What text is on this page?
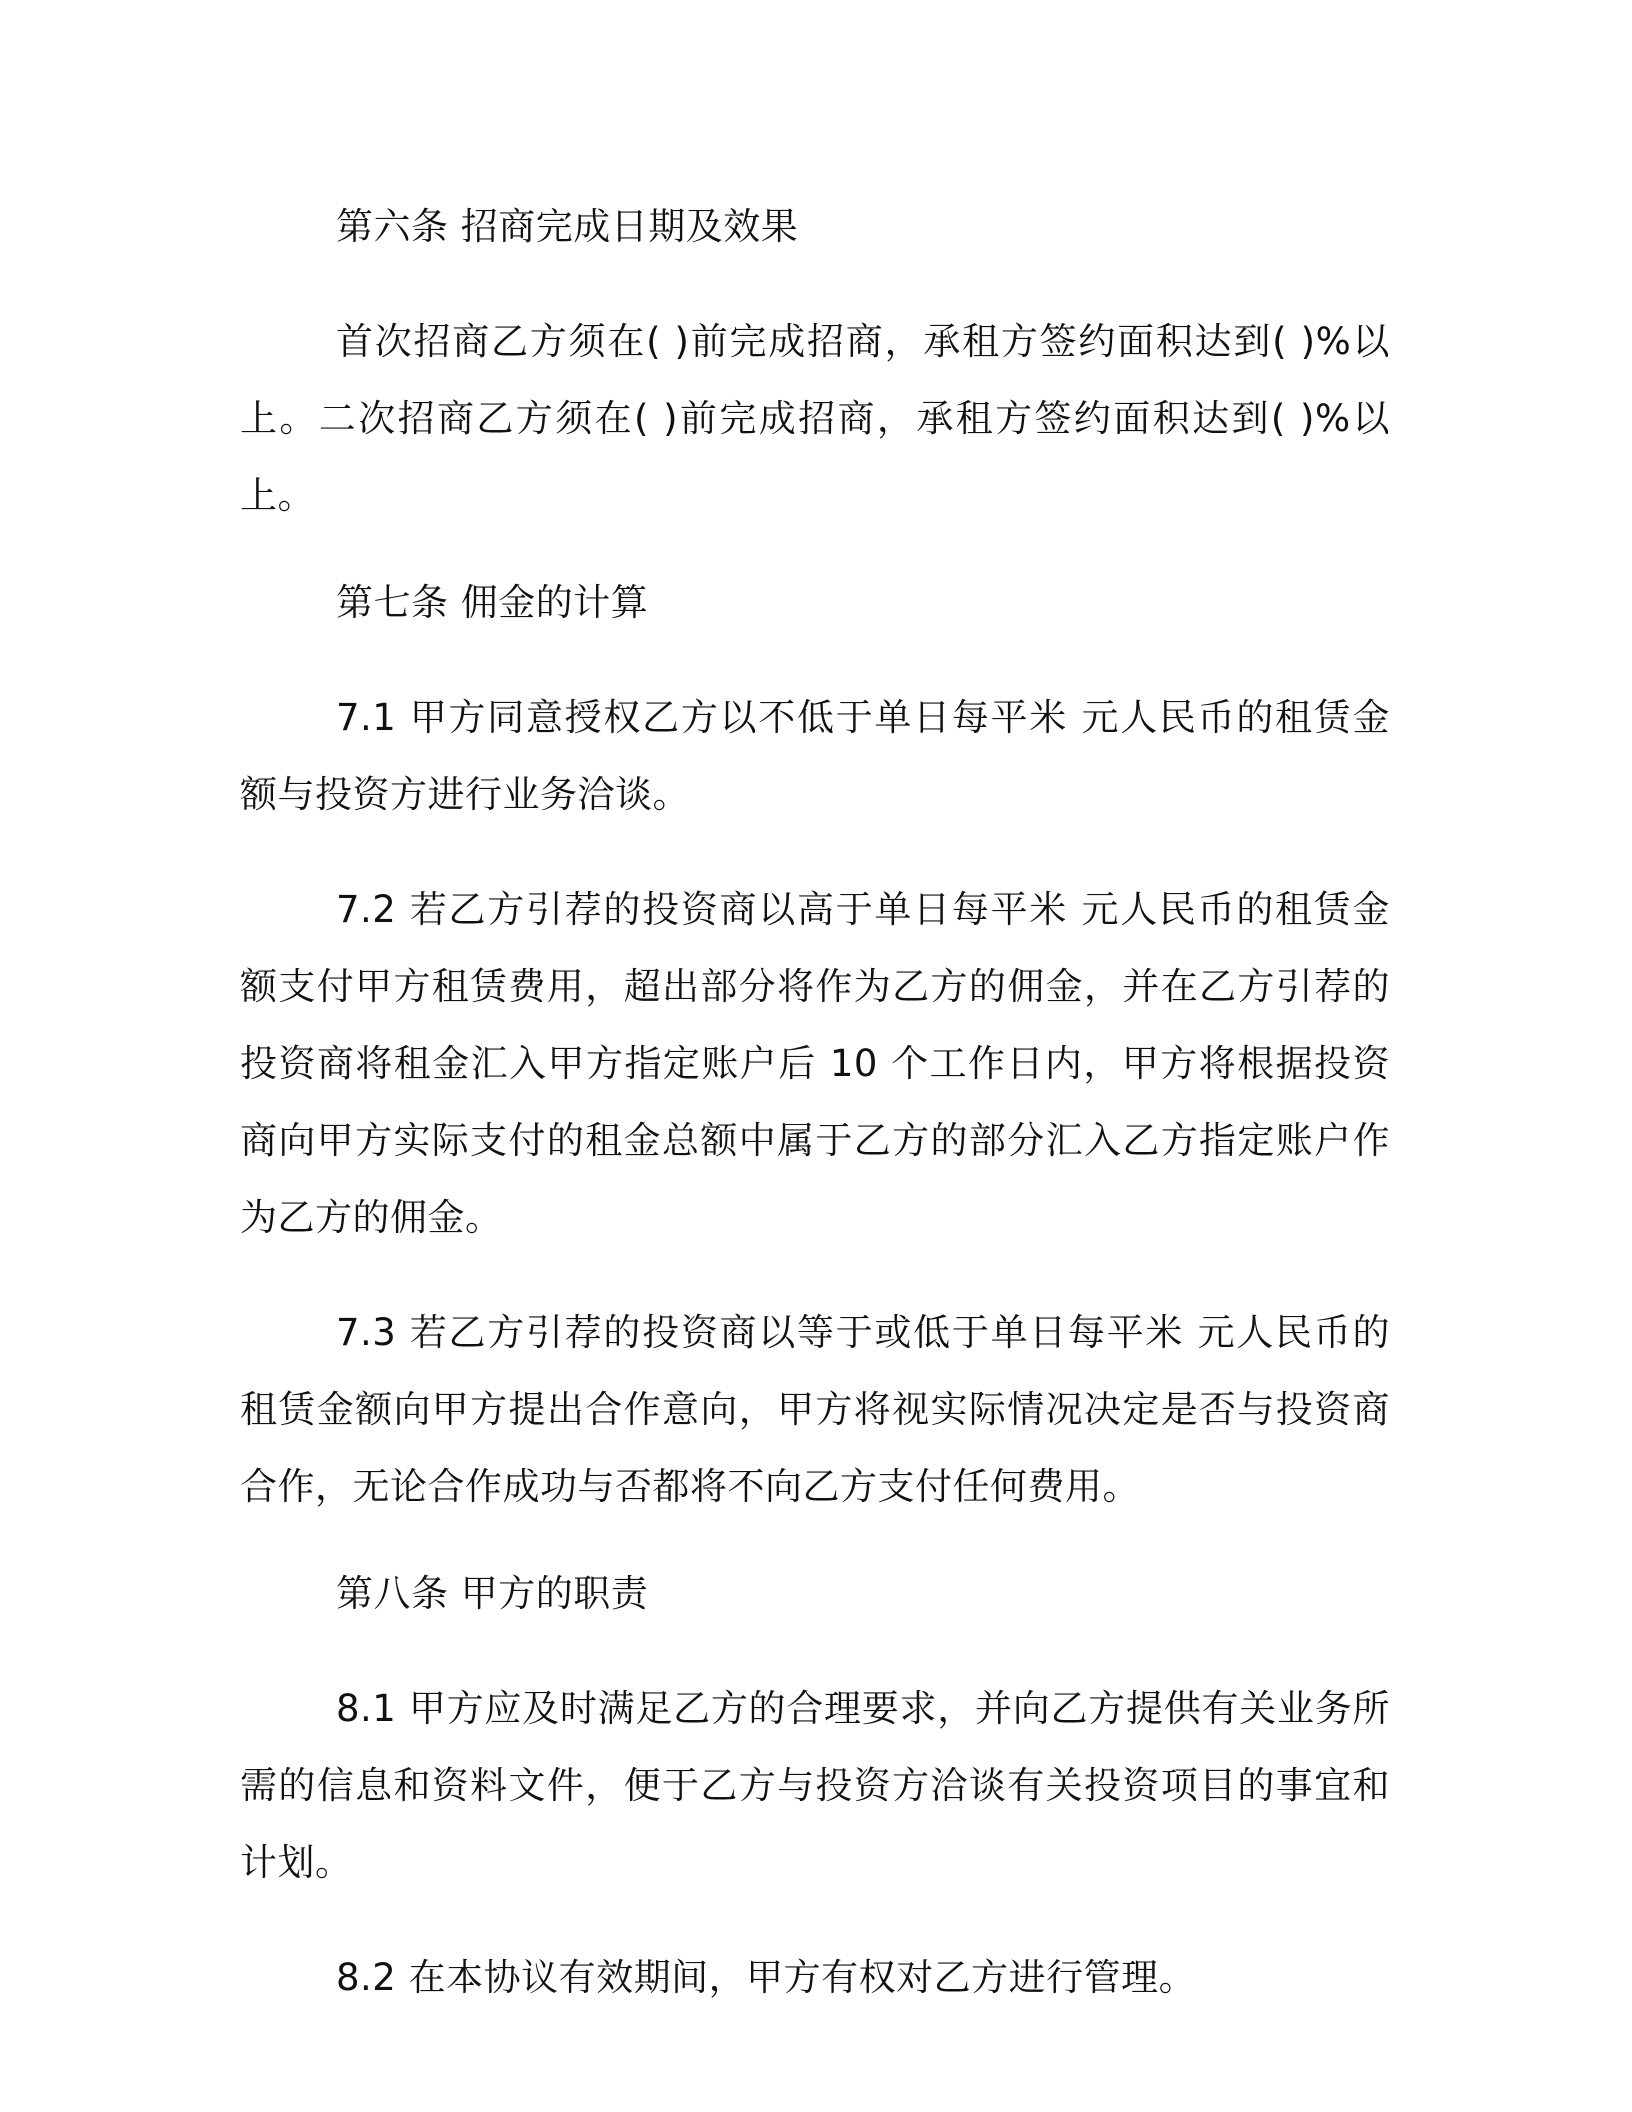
第六条 招商完成日期及效果

首次招商乙方须在( )前完成招商，承租方签约面积达到( )%以上。二次招商乙方须在( )前完成招商，承租方签约面积达到( )%以上。

第七条 佣金的计算

7.1 甲方同意授权乙方以不低于单日每平米 元人民币的租赁金额与投资方进行业务洽谈。

7.2 若乙方引荐的投资商以高于单日每平米 元人民币的租赁金额支付甲方租赁费用，超出部分将作为乙方的佣金，并在乙方引荐的投资商将租金汇入甲方指定账户后 10 个工作日内，甲方将根据投资商向甲方实际支付的租金总额中属于乙方的部分汇入乙方指定账户作为乙方的佣金。

7.3 若乙方引荐的投资商以等于或低于单日每平米 元人民币的租赁金额向甲方提出合作意向，甲方将视实际情况决定是否与投资商合作，无论合作成功与否都将不向乙方支付任何费用。

第八条 甲方的职责

8.1 甲方应及时满足乙方的合理要求，并向乙方提供有关业务所需的信息和资料文件，便于乙方与投资方洽谈有关投资项目的事宜和计划。

8.2 在本协议有效期间，甲方有权对乙方进行管理。
